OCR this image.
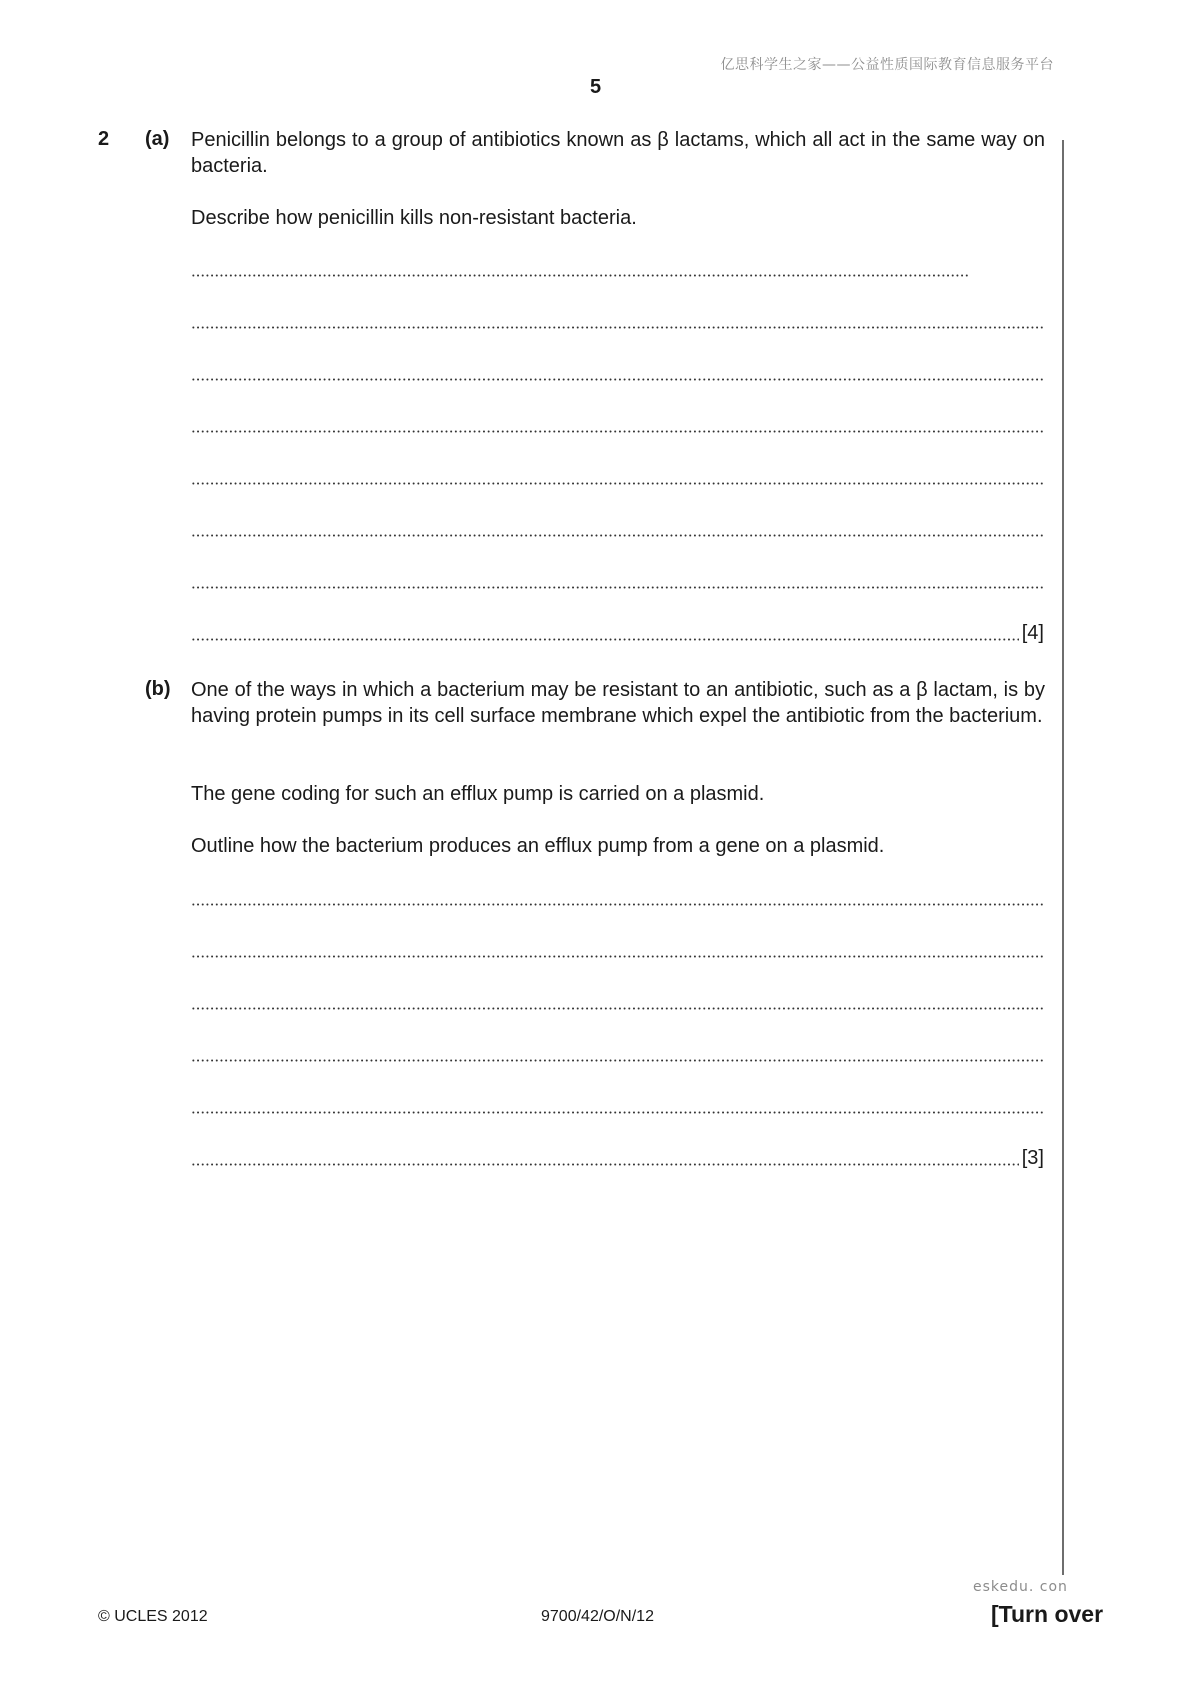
亿思科学生之家——公益性质国际教育信息服务平台
5
2 (a) Penicillin belongs to a group of antibiotics known as β lactams, which all act in the same way on bacteria.
Describe how penicillin kills non-resistant bacteria.
[4]
(b) One of the ways in which a bacterium may be resistant to an antibiotic, such as a β lactam, is by having protein pumps in its cell surface membrane which expel the antibiotic from the bacterium.
The gene coding for such an efflux pump is carried on a plasmid.
Outline how the bacterium produces an efflux pump from a gene on a plasmid.
[3]
© UCLES 2012	9700/42/O/N/12
eskedu. con
[Turn over
